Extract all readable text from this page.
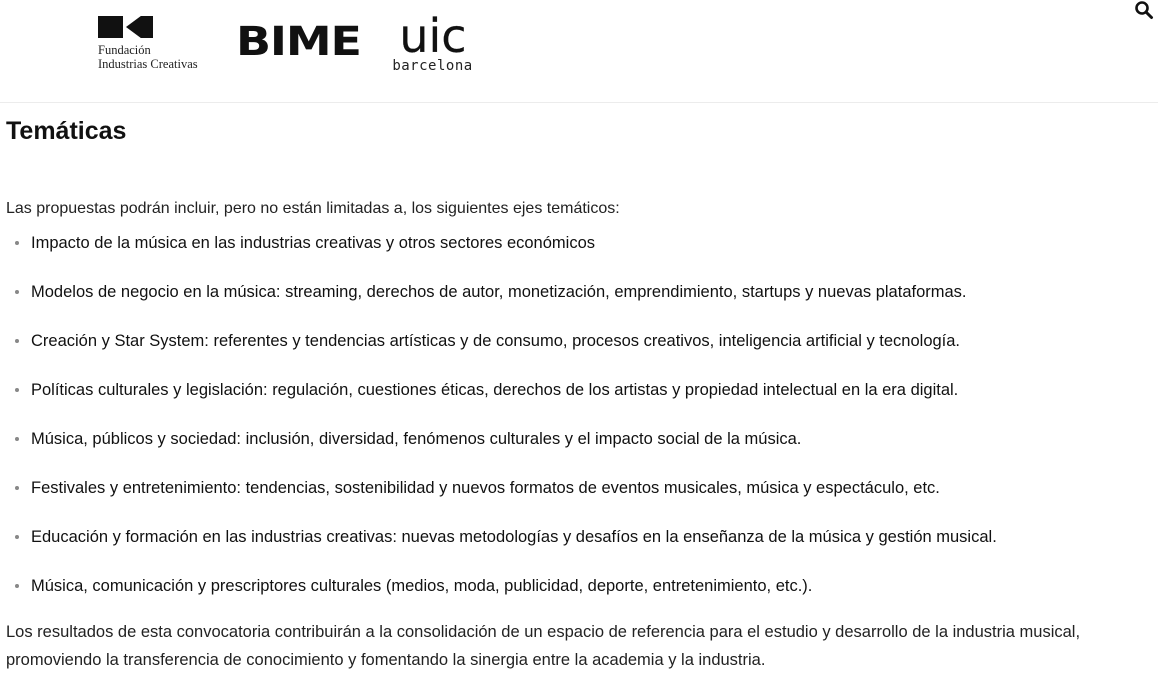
Fundación
Industrias Creativas BIME uic
barcelona
Temáticas

Las propuestas podrán incluir, pero no están limitadas a, los siguientes ejes temáticos:

Impacto de la música en las industrias creativas y otros sectores económicos
Modelos de negocio en la música: streaming, derechos de autor, monetización, emprendimiento, startups y nuevas plataformas.
Creación y Star System: referentes y tendencias artísticas y de consumo, procesos creativos, inteligencia artificial y tecnología.
Políticas culturales y legislación: regulación, cuestiones éticas, derechos de los artistas y propiedad intelectual en la era digital.
Música, públicos y sociedad: inclusión, diversidad, fenómenos culturales y el impacto social de la música.
Festivales y entretenimiento: tendencias, sostenibilidad y nuevos formatos de eventos musicales, música y espectáculo, etc.
Educación y formación en las industrias creativas: nuevas metodologías y desafíos en la enseñanza de la música y gestión musical.
Música, comunicación y prescriptores culturales (medios, moda, publicidad, deporte, entretenimiento, etc.).

Los resultados de esta convocatoria contribuirán a la consolidación de un espacio de referencia para el estudio y desarrollo de la industria musical, promoviendo la transferencia de conocimiento y fomentando la sinergia entre la academia y la industria.
